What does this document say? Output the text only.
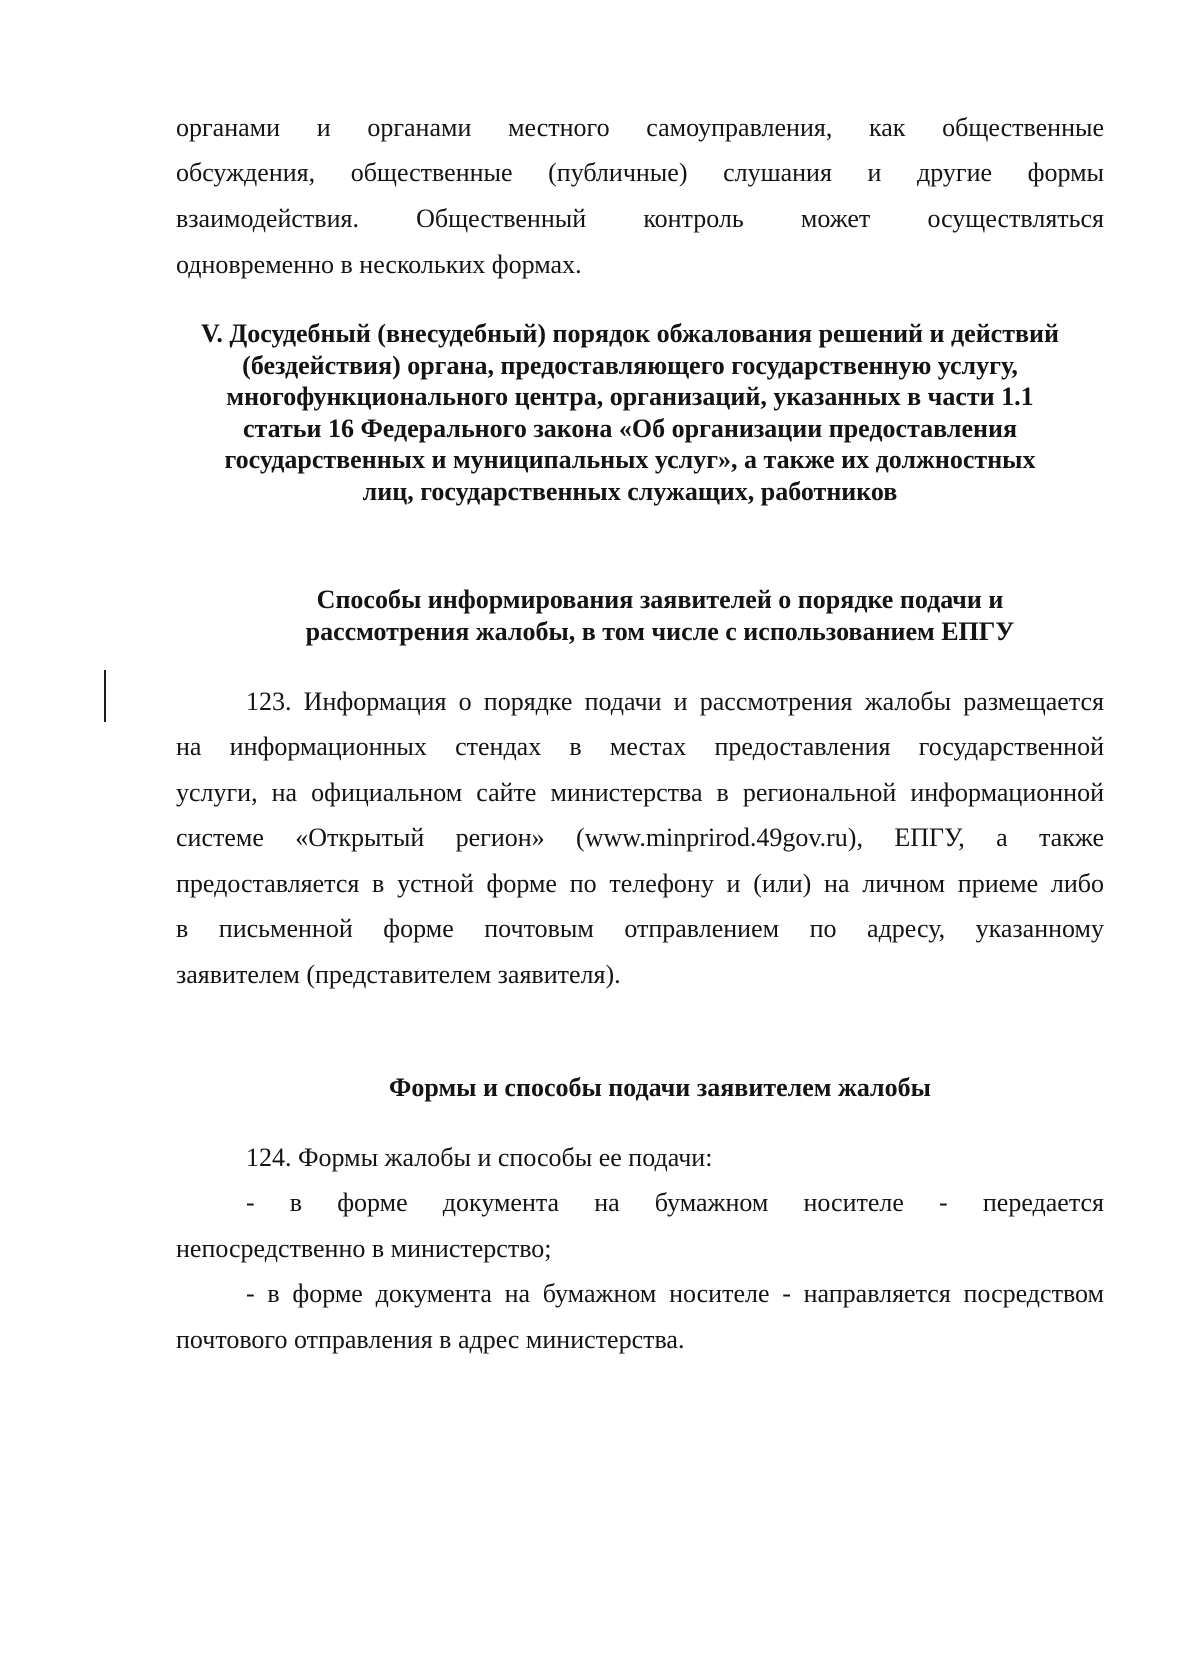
органами и органами местного самоуправления, как общественные
обсуждения, общественные (публичные) слушания и другие формы
взаимодействия. Общественный контроль может осуществляться
одновременно в нескольких формах.
V. Досудебный (внесудебный) порядок обжалования решений и действий
(бездействия) органа, предоставляющего государственную услугу,
многофункционального центра, организаций, указанных в части 1.1
статьи 16 Федерального закона «Об организации предоставления
государственных и муниципальных услуг», а также их должностных
лиц, государственных служащих, работников
Способы информирования заявителей о порядке подачи и
рассмотрения жалобы, в том числе с использованием ЕПГУ
123. Информация о порядке подачи и рассмотрения жалобы размещается
на информационных стендах в местах предоставления государственной
услуги, на официальном сайте министерства в региональной информационной
системе «Открытый регион» (www.minprirod.49gov.ru), ЕПГУ, а также
предоставляется в устной форме по телефону и (или) на личном приеме либо
в письменной форме почтовым отправлением по адресу, указанному
заявителем (представителем заявителя).
Формы и способы подачи заявителем жалобы
124. Формы жалобы и способы ее подачи:
- в форме документа на бумажном носителе - передается
непосредственно в министерство;
- в форме документа на бумажном носителе - направляется посредством
почтового отправления в адрес министерства.
